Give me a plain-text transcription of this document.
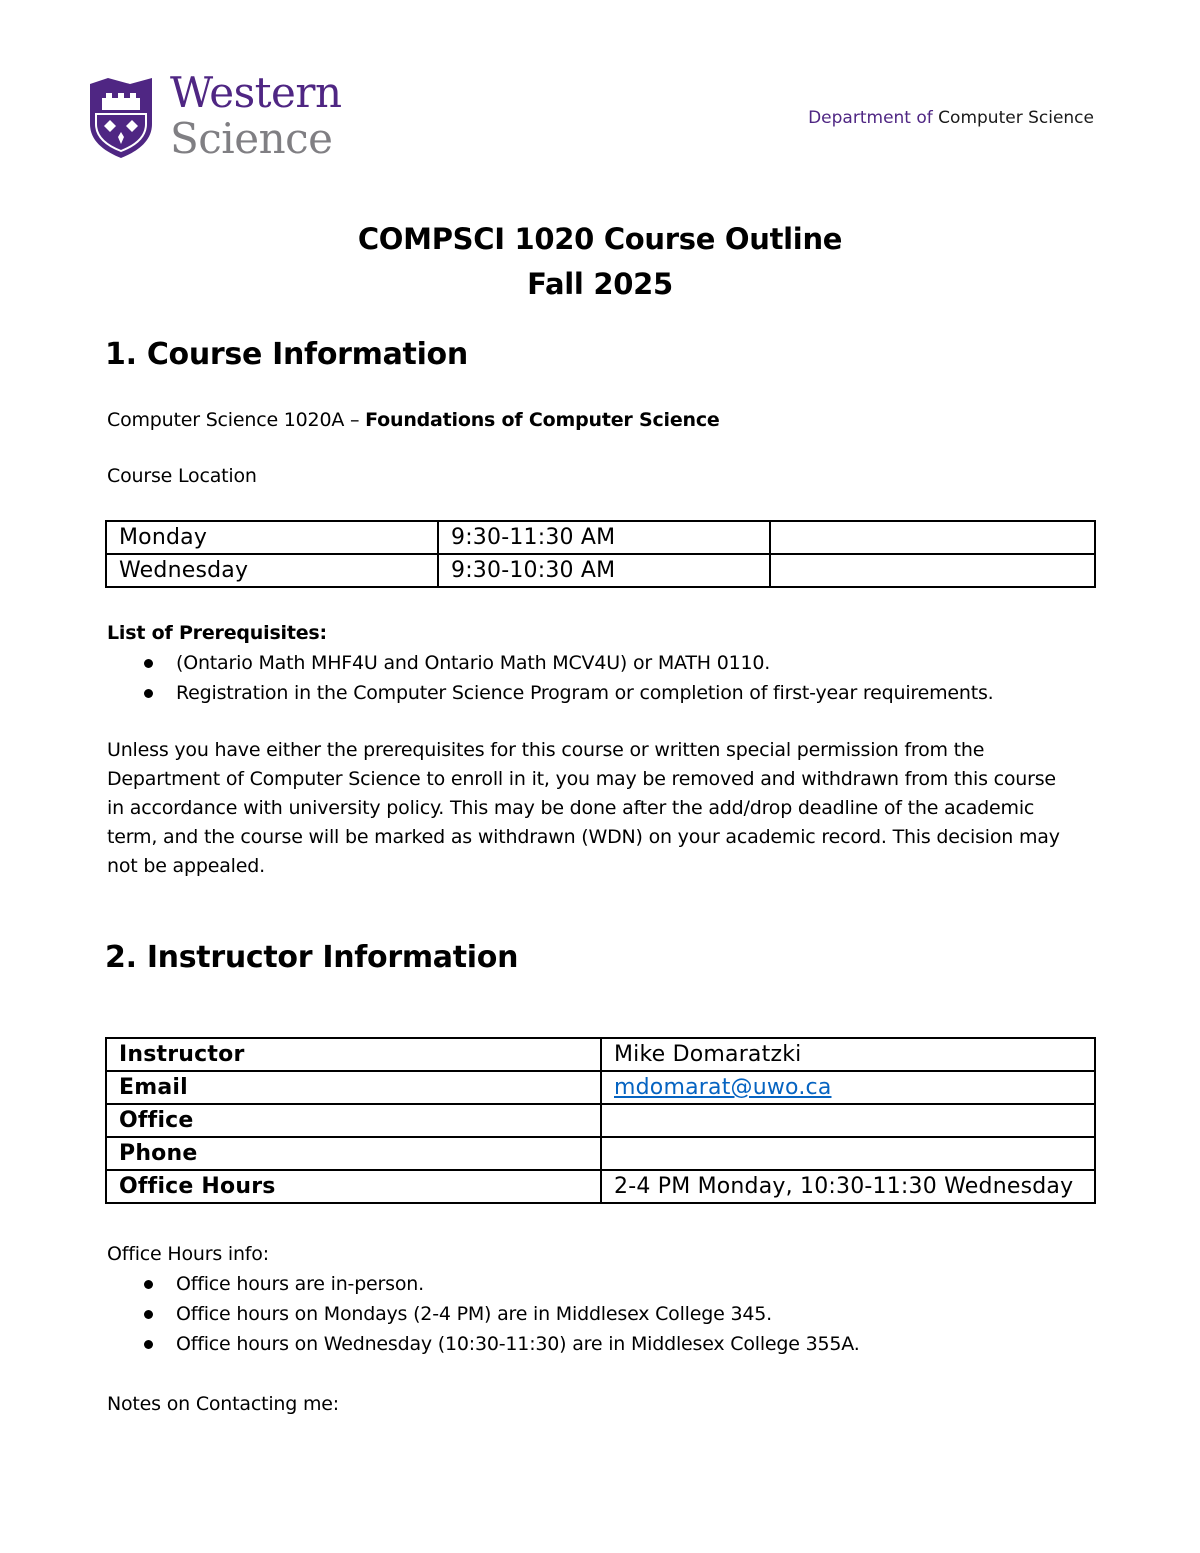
Western
Science	Department of Computer Science
COMPSCI 1020 Course Outline
Fall 2025
1. Course Information

Computer Science 1020A – Foundations of Computer Science

Course Location

Monday	9:30-11:30 AM	
Wednesday	9:30-10:30 AM	

List of Prerequisites:

(Ontario Math MHF4U and Ontario Math MCV4U) or MATH 0110.
Registration in the Computer Science Program or completion of first-year requirements.
Unless you have either the prerequisites for this course or written special permission from the
Department of Computer Science to enroll in it, you may be removed and withdrawn from this course
in accordance with university policy. This may be done after the add/drop deadline of the academic
term, and the course will be marked as withdrawn (WDN) on your academic record. This decision may
not be appealed.
2. Instructor Information
Instructor	Mike Domaratzki
Email	mdomarat@uwo.ca
Office	
Phone	
Office Hours	2-4 PM Monday, 10:30-11:30 Wednesday

Office Hours info:

Office hours are in-person.
Office hours on Mondays (2-4 PM) are in Middlesex College 345.
Office hours on Wednesday (10:30-11:30) are in Middlesex College 355A.

Notes on Contacting me:
